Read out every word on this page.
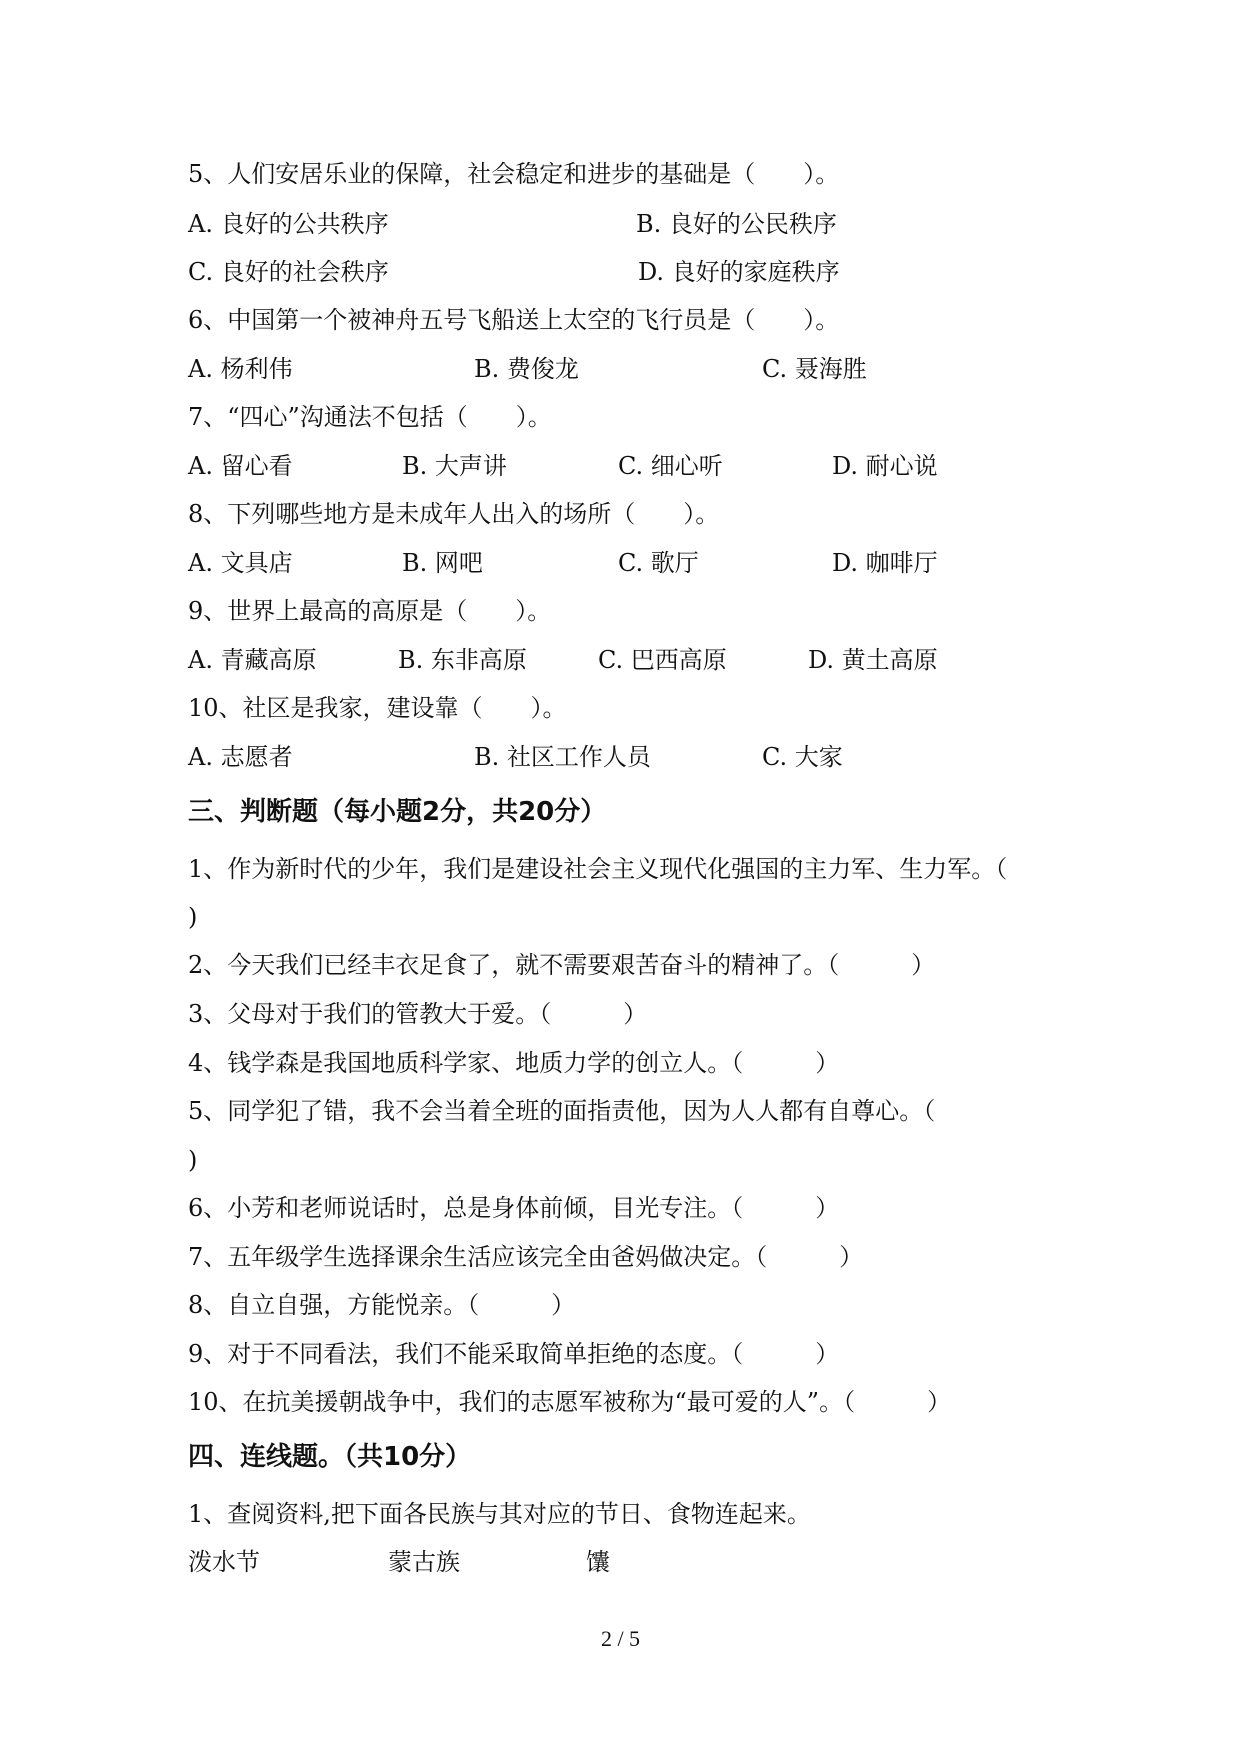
5、人们安居乐业的保障，社会稳定和进步的基础是（　　）。
A. 良好的公共秩序	B. 良好的公民秩序
C. 良好的社会秩序	D. 良好的家庭秩序
6、中国第一个被神舟五号飞船送上太空的飞行员是（　　）。
A. 杨利伟	B. 费俊龙	C. 聂海胜
7、“四心”沟通法不包括（　　）。
A. 留心看	B. 大声讲	C. 细心听	D. 耐心说
8、下列哪些地方是未成年人出入的场所（　　）。
A. 文具店	B. 网吧	C. 歌厅	D. 咖啡厅
9、世界上最高的高原是（　　）。
A. 青藏高原	B. 东非高原	C. 巴西高原	D. 黄土高原
10、社区是我家，建设靠（　　）。
A. 志愿者	B. 社区工作人员	C. 大家
三、判断题（每小题2分，共20分）
1、作为新时代的少年，我们是建设社会主义现代化强国的主力军、生力军。（
)
2、今天我们已经丰衣足食了，就不需要艰苦奋斗的精神了。（　　　）
3、父母对于我们的管教大于爱。（　　　）
4、钱学森是我国地质科学家、地质力学的创立人。（　　　）
5、同学犯了错，我不会当着全班的面指责他，因为人人都有自尊心。（
)
6、小芳和老师说话时，总是身体前倾，目光专注。（　　　）
7、五年级学生选择课余生活应该完全由爸妈做决定。（　　　）
8、自立自强，方能悦亲。（　　　）
9、对于不同看法，我们不能采取简单拒绝的态度。（　　　）
10、在抗美援朝战争中，我们的志愿军被称为“最可爱的人”。（　　　）
四、连线题。（共10分）
1、查阅资料,把下面各民族与其对应的节日、食物连起来。
泼水节	蒙古族	馕
2 / 5
